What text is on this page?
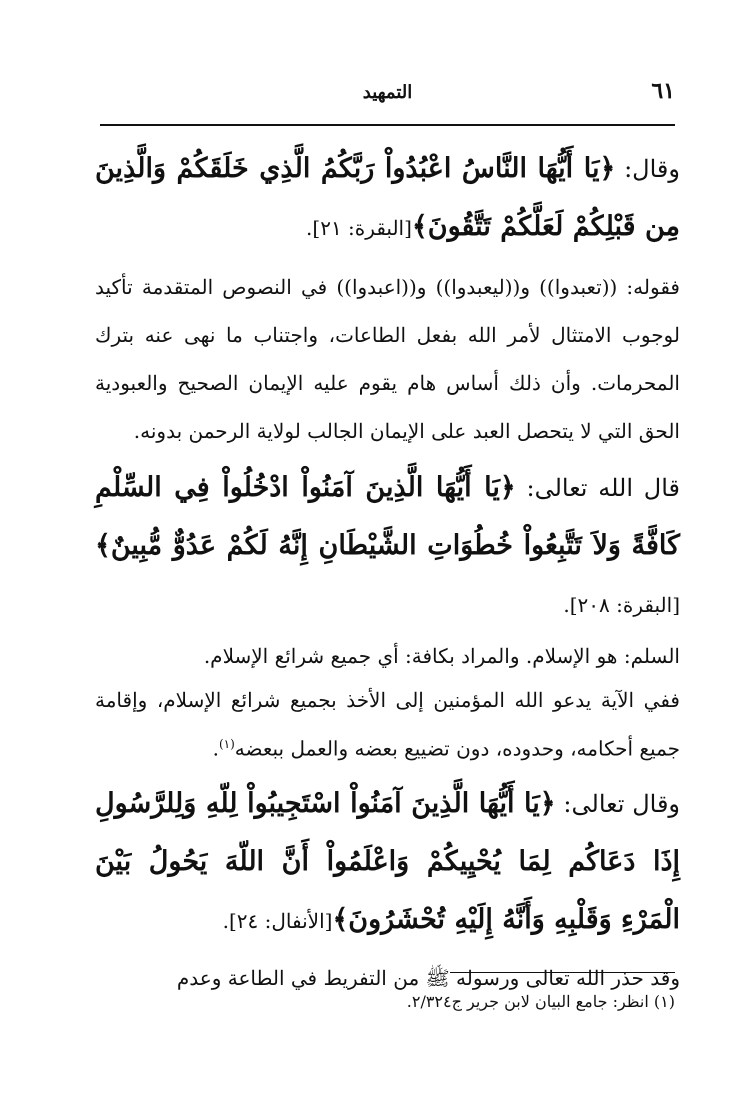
٦١
التمهيد

وقال: ﴿يَا أَيُّهَا النَّاسُ اعْبُدُواْ رَبَّكُمُ الَّذِي خَلَقَكُمْ وَالَّذِينَ مِن قَبْلِكُمْ لَعَلَّكُمْ تَتَّقُونَ﴾[البقرة: ٢١].

فقوله: ((تعبدوا)) و((ليعبدوا)) و((اعبدوا)) في النصوص المتقدمة تأكيد لوجوب الامتثال لأمر الله بفعل الطاعات، واجتناب ما نهى عنه بترك المحرمات. وأن ذلك أساس هام يقوم عليه الإيمان الصحيح والعبودية الحق التي لا يتحصل العبد على الإيمان الجالب لولاية الرحمن بدونه.

قال الله تعالى: ﴿يَا أَيُّهَا الَّذِينَ آمَنُواْ ادْخُلُواْ فِي السِّلْمِ كَافَّةً وَلاَ تَتَّبِعُواْ خُطُوَاتِ الشَّيْطَانِ إِنَّهُ لَكُمْ عَدُوٌّ مُّبِينٌ﴾[البقرة: ٢٠٨].

السلم: هو الإسلام. والمراد بكافة: أي جميع شرائع الإسلام.

ففي الآية يدعو الله المؤمنين إلى الأخذ بجميع شرائع الإسلام، وإقامة جميع أحكامه، وحدوده، دون تضييع بعضه والعمل ببعضه$^{(١)}$.

وقال تعالى: ﴿يَا أَيُّهَا الَّذِينَ آمَنُواْ اسْتَجِيبُواْ لِلّهِ وَلِلرَّسُولِ إِذَا دَعَاكُم لِمَا يُحْيِيكُمْ وَاعْلَمُواْ أَنَّ اللّهَ يَحُولُ بَيْنَ الْمَرْءِ وَقَلْبِهِ وَأَنَّهُ إِلَيْهِ تُحْشَرُونَ﴾[الأنفال: ٢٤].

وقد حذر الله تعالى ورسوله ﷺ من التفريط في الطاعة وعدم

(١) انظر: جامع البيان لابن جرير ج٢/٣٢٤.
